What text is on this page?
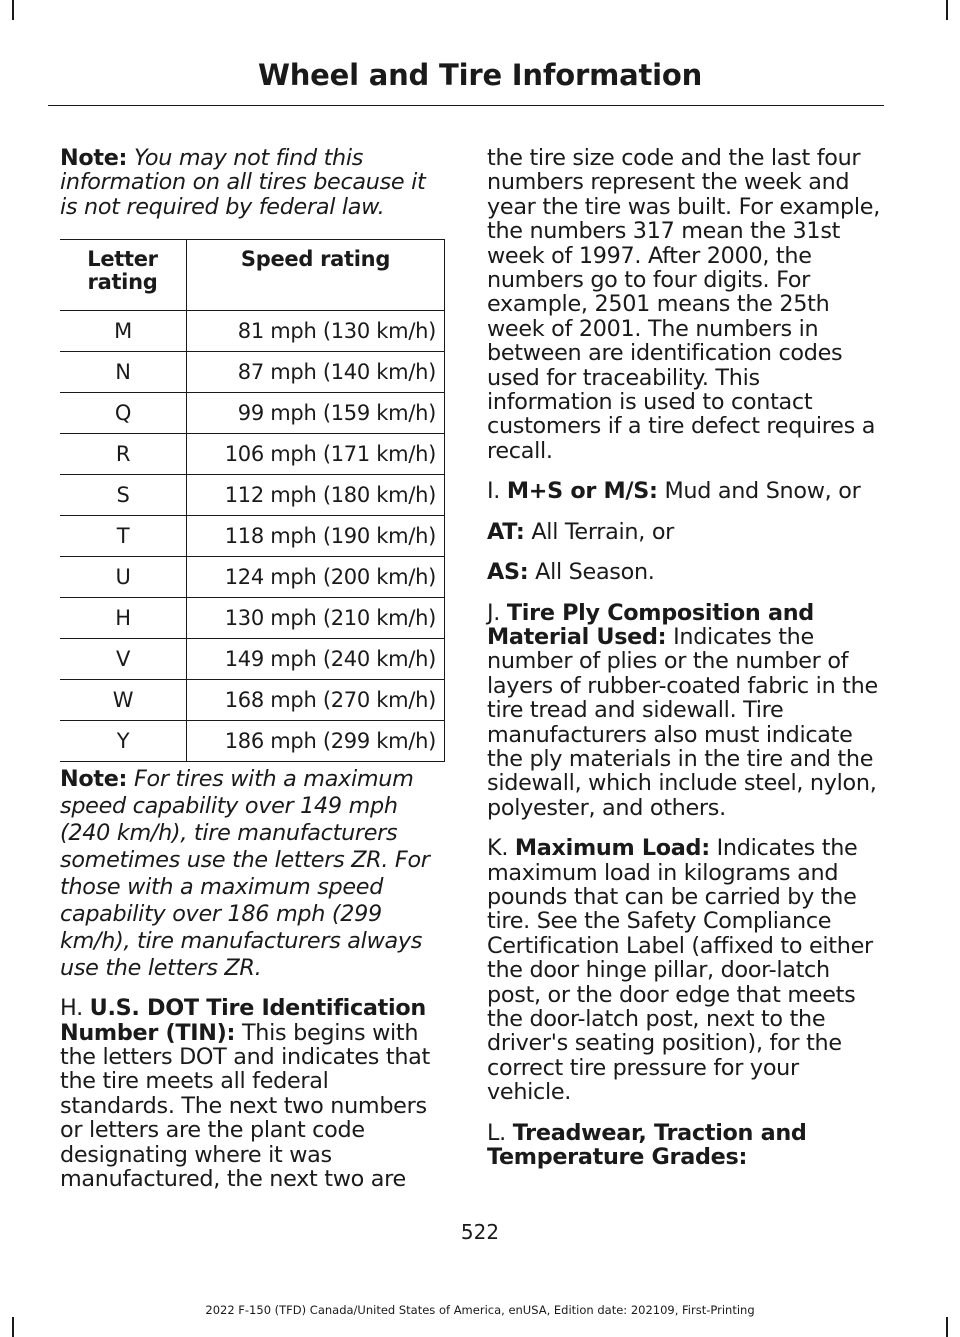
Wheel and Tire Information

Note: You may not find this information on all tires because it is not required by federal law.

Letter rating	Speed rating
M	81 mph (130 km/h)
N	87 mph (140 km/h)
Q	99 mph (159 km/h)
R	106 mph (171 km/h)
S	112 mph (180 km/h)
T	118 mph (190 km/h)
U	124 mph (200 km/h)
H	130 mph (210 km/h)
V	149 mph (240 km/h)
W	168 mph (270 km/h)
Y	186 mph (299 km/h)

Note: For tires with a maximum speed capability over 149 mph (240 km/h), tire manufacturers sometimes use the letters ZR. For those with a maximum speed capability over 186 mph (299 km/h), tire manufacturers always use the letters ZR.

H. U.S. DOT Tire Identification Number (TIN): This begins with the letters DOT and indicates that the tire meets all federal standards. The next two numbers or letters are the plant code designating where it was manufactured, the next two are

the tire size code and the last four numbers represent the week and year the tire was built. For example, the numbers 317 mean the 31st week of 1997. After 2000, the numbers go to four digits. For example, 2501 means the 25th week of 2001. The numbers in between are identification codes used for traceability. This information is used to contact customers if a tire defect requires a recall.

I. M+S or M/S: Mud and Snow, or

AT: All Terrain, or

AS: All Season.

J. Tire Ply Composition and Material Used: Indicates the number of plies or the number of layers of rubber-coated fabric in the tire tread and sidewall. Tire manufacturers also must indicate the ply materials in the tire and the sidewall, which include steel, nylon, polyester, and others.

K. Maximum Load: Indicates the maximum load in kilograms and pounds that can be carried by the tire. See the Safety Compliance Certification Label (affixed to either the door hinge pillar, door-latch post, or the door edge that meets the door-latch post, next to the driver's seating position), for the correct tire pressure for your vehicle.

L. Treadwear, Traction and Temperature Grades:

522
2022 F-150 (TFD) Canada/United States of America, enUSA, Edition date: 202109, First-Printing
